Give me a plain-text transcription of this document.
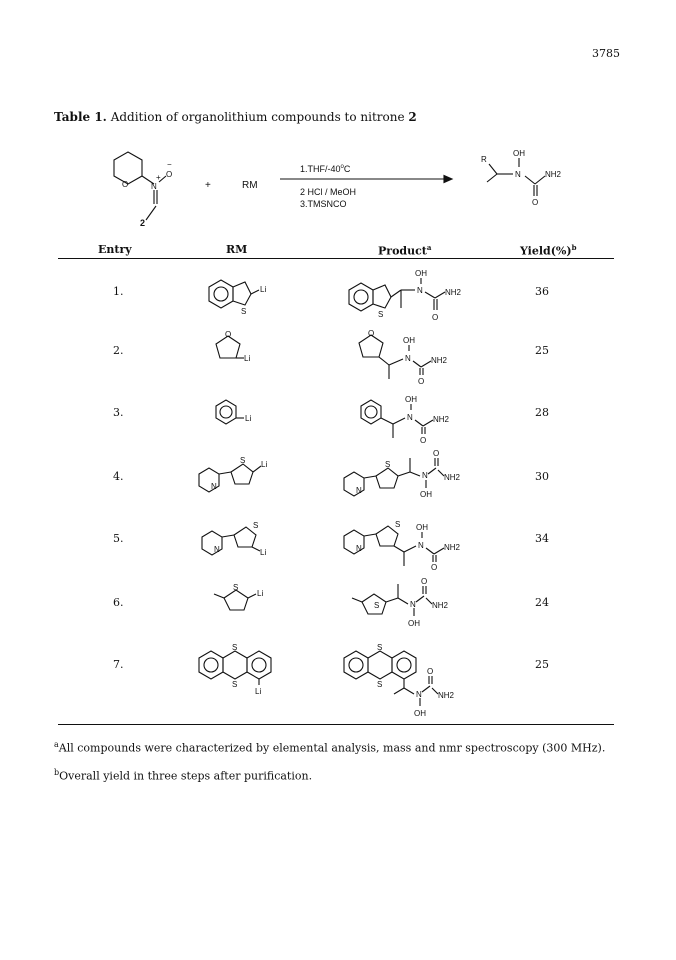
3785
Table 1. Addition of organolithium compounds to nitrone 2
O	N
+ O
−
2
+	RM
1.THF/-40$^o$C
2 HCl / MeOH
3.TMSNCO
R
OH
N	NH2
O
Entry	RM	Product$^a$	Yield(%)$^b$
1.	36
2.	25
3.	28
4.	30
5.	34
6.	24
7.	25
S
Li
S
OH
N	NH2
O
O
Li
O
OH
N	NH2
O
Li
OH
N	NH2
O
N
S Li
N
S
O
N NH2
OH
N
S
Li	N
S OH
N	NH2
O
S
Li
S
O
N NH2
OH
S
S
Li
S
S
O
N NH2
OH
$^a$All compounds were characterized by elemental analysis, mass and nmr spectroscopy (300 MHz).
$^b$Overall yield in three steps after purification.
